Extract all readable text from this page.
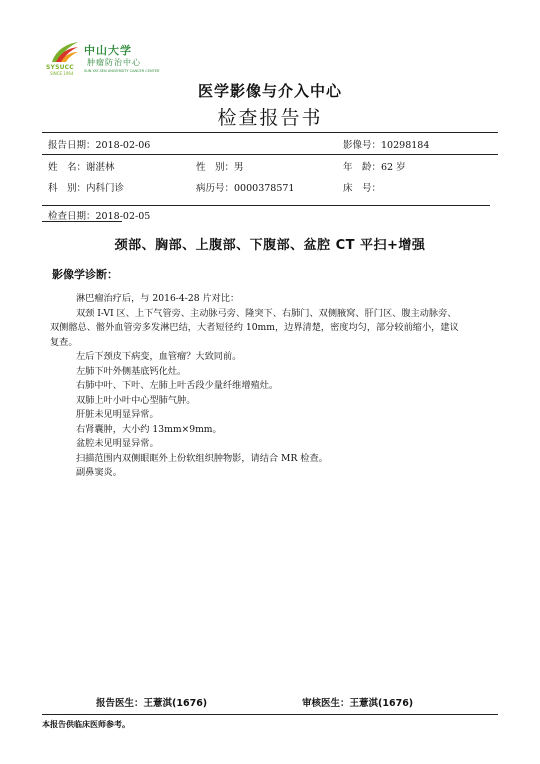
SYSUCC
SINCE 1964
中山大学
肿瘤防治中心
SUN YAT-SEN UNIVERSITY CANCER CENTER
医学影像与介入中心
检查报告书
报告日期：2018-02-06	影像号：10298184
姓　名：谢湛林	性　别：男	年　龄：62 岁
科　别：内科门诊	病历号：0000378571	床　号：
检查日期：2018-02-05
颈部、胸部、上腹部、下腹部、盆腔 CT 平扫+增强
影像学诊断：

淋巴瘤治疗后，与 2016-4-28 片对比：

双颈 I-VI 区、上下气管旁、主动脉弓旁、隆突下、右肺门、双侧腋窝、肝门区、腹主动脉旁、双侧髂总、髂外血管旁多发淋巴结，大者短径约 10mm，边界清楚，密度均匀，部分较前缩小，建议复查。

左后下颈皮下病变，血管瘤？大致同前。

左肺下叶外侧基底钙化灶。

右肺中叶、下叶、左肺上叶舌段少量纤维增殖灶。

双肺上叶小叶中心型肺气肿。

肝脏未见明显异常。

右肾囊肿，大小约 13mm×9mm。

盆腔未见明显异常。

扫描范围内双侧眼眶外上份软组织肿物影，请结合 MR 检查。

副鼻窦炎。

报告医生：王薏淇(1676)	审核医生：王薏淇(1676)
本报告供临床医师参考。
